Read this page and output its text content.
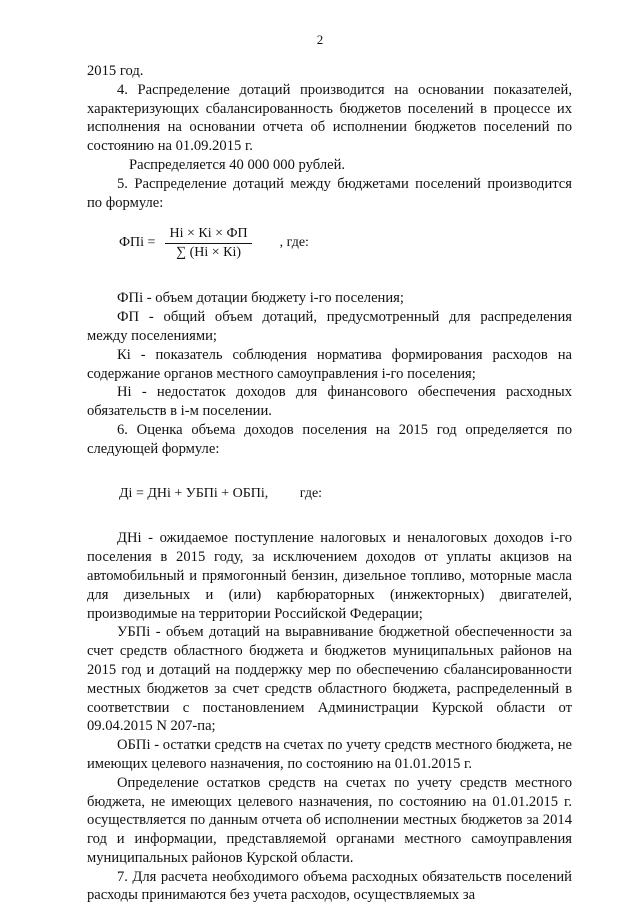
2

2015 год.

4. Распределение дотаций производится на основании показателей, характеризующих сбалансированность бюджетов поселений в процессе их исполнения на основании отчета об исполнении бюджетов поселений по состоянию на 01.09.2015 г.

Распределяется 40 000 000 рублей.

5. Распределение дотаций между бюджетами поселений производится по формуле:

ФПi = $\frac{Нi \times Кi \times ФП}{\sum (Нi \times Кi)}$ , где:

ФПi - объем дотации бюджету i-го поселения;

ФП - общий объем дотаций, предусмотренный для распределения между поселениями;

Кi - показатель соблюдения норматива формирования расходов на содержание органов местного самоуправления i-го поселения;

Нi - недостаток доходов для финансового обеспечения расходных обязательств в i-м поселении.

6. Оценка объема доходов поселения на 2015 год определяется по следующей формуле:

Дi = ДНi + УБПi + ОБПi, где:

ДНi - ожидаемое поступление налоговых и неналоговых доходов i-го поселения в 2015 году, за исключением доходов от уплаты акцизов на автомобильный и прямогонный бензин, дизельное топливо, моторные масла для дизельных и (или) карбюраторных (инжекторных) двигателей, производимые на территории Российской Федерации;

УБПi - объем дотаций на выравнивание бюджетной обеспеченности за счет средств областного бюджета и бюджетов муниципальных районов на 2015 год и дотаций на поддержку мер по обеспечению сбалансированности местных бюджетов за счет средств областного бюджета, распределенный в соответствии с постановлением Администрации Курской области от 09.04.2015 N 207-па;

ОБПi - остатки средств на счетах по учету средств местного бюджета, не имеющих целевого назначения, по состоянию на 01.01.2015 г.

Определение остатков средств на счетах по учету средств местного бюджета, не имеющих целевого назначения, по состоянию на 01.01.2015 г. осуществляется по данным отчета об исполнении местных бюджетов за 2014 год и информации, представляемой органами местного самоуправления муниципальных районов Курской области.

7. Для расчета необходимого объема расходных обязательств поселений расходы принимаются без учета расходов, осуществляемых за
